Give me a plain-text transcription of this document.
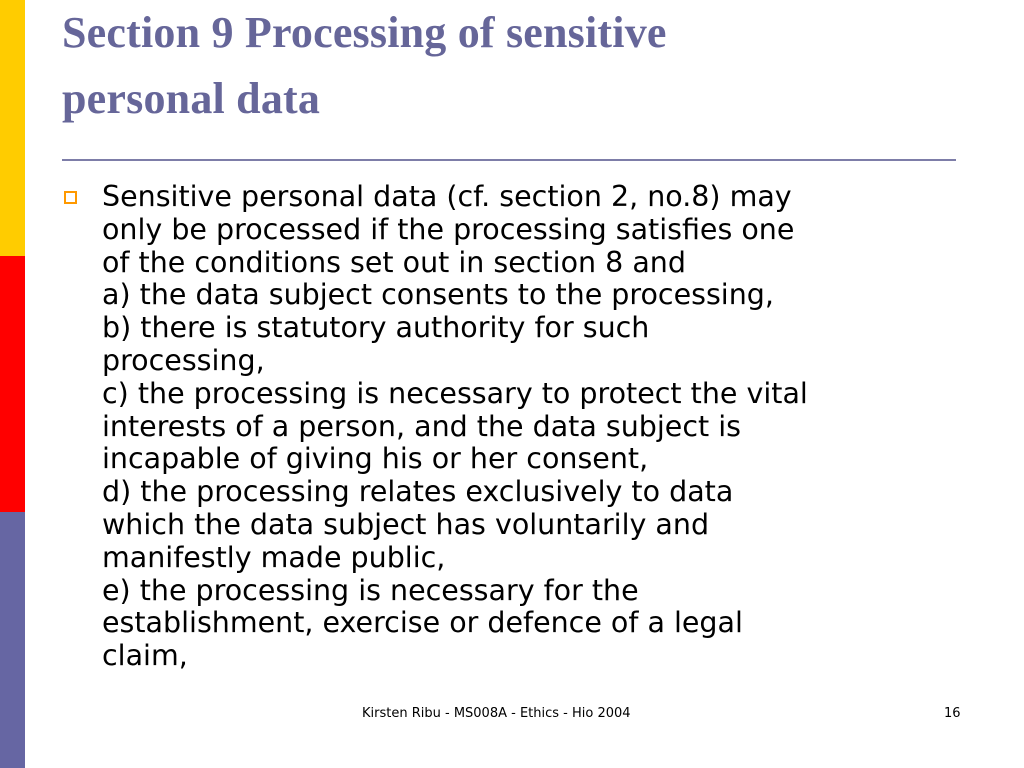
Section 9 Processing of sensitive
personal data
Sensitive personal data (cf. section 2, no.8) may
only be processed if the processing satisfies one
of the conditions set out in section 8 and
a) the data subject consents to the processing,
b) there is statutory authority for such
processing,
c) the processing is necessary to protect the vital
interests of a person, and the data subject is
incapable of giving his or her consent,
d) the processing relates exclusively to data
which the data subject has voluntarily and
manifestly made public,
e) the processing is necessary for the
establishment, exercise or defence of a legal
claim,
Kirsten Ribu - MS008A - Ethics - Hio 2004	16
